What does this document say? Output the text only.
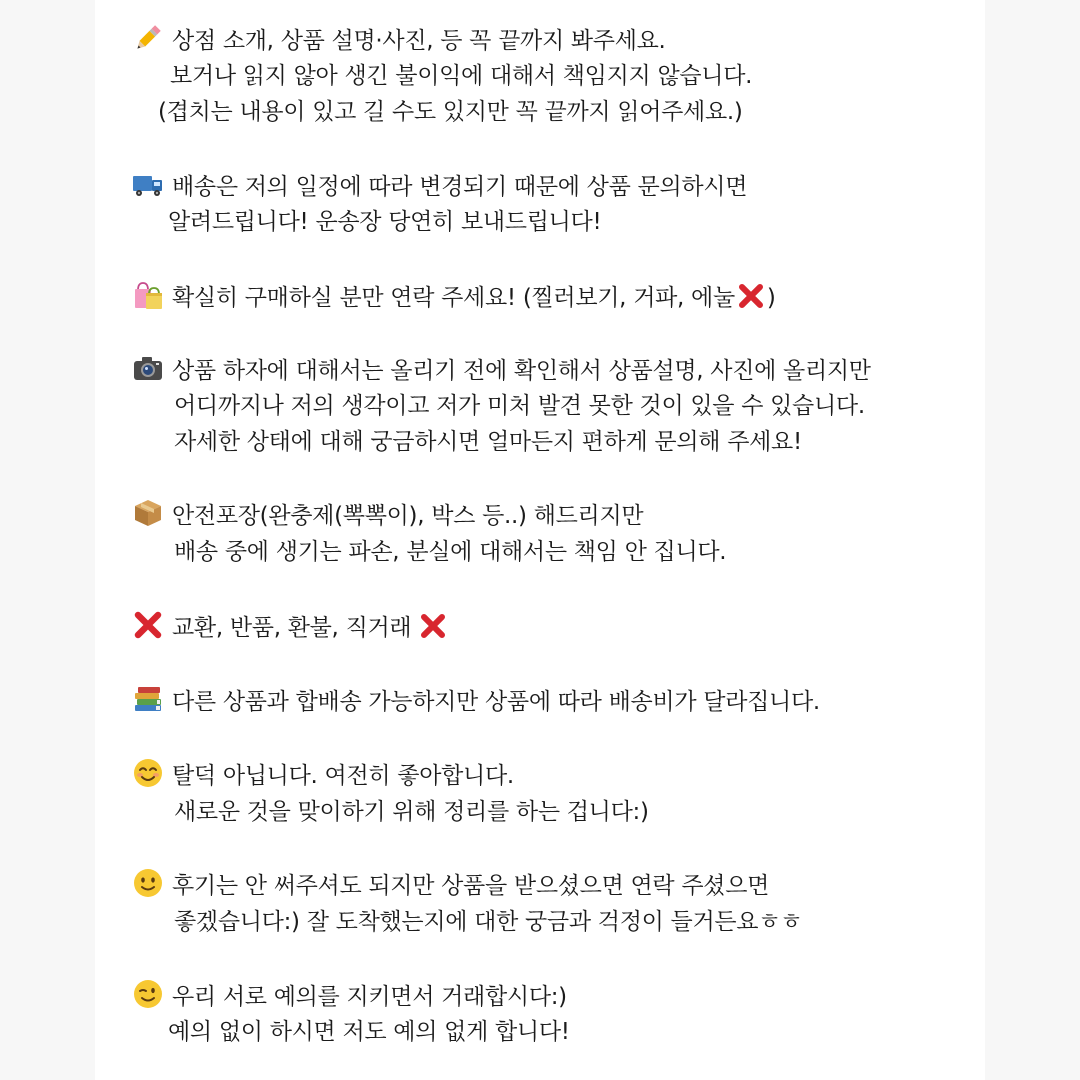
상점 소개, 상품 설명·사진, 등 꼭 끝까지 봐주세요.
보거나 읽지 않아 생긴 불이익에 대해서 책임지지 않습니다.
(겹치는 내용이 있고 길 수도 있지만 꼭 끝까지 읽어주세요.)
배송은 저의 일정에 따라 변경되기 때문에 상품 문의하시면
알려드립니다! 운송장 당연히 보내드립니다!
확실히 구매하실 분만 연락 주세요! (찔러보기, 거파, 에눌 )
상품 하자에 대해서는 올리기 전에 확인해서 상품설명, 사진에 올리지만
어디까지나 저의 생각이고 저가 미처 발견 못한 것이 있을 수 있습니다.
자세한 상태에 대해 궁금하시면 얼마든지 편하게 문의해 주세요!
안전포장(완충제(뽁뽁이), 박스 등..) 해드리지만
배송 중에 생기는 파손, 분실에 대해서는 책임 안 집니다.
교환, 반품, 환불, 직거래
다른 상품과 합배송 가능하지만 상품에 따라 배송비가 달라집니다.
탈덕 아닙니다. 여전히 좋아합니다.
새로운 것을 맞이하기 위해 정리를 하는 겁니다:)
후기는 안 써주셔도 되지만 상품을 받으셨으면 연락 주셨으면
좋겠습니다:) 잘 도착했는지에 대한 궁금과 걱정이 들거든요ㅎㅎ
우리 서로 예의를 지키면서 거래합시다:)
예의 없이 하시면 저도 예의 없게 합니다!
